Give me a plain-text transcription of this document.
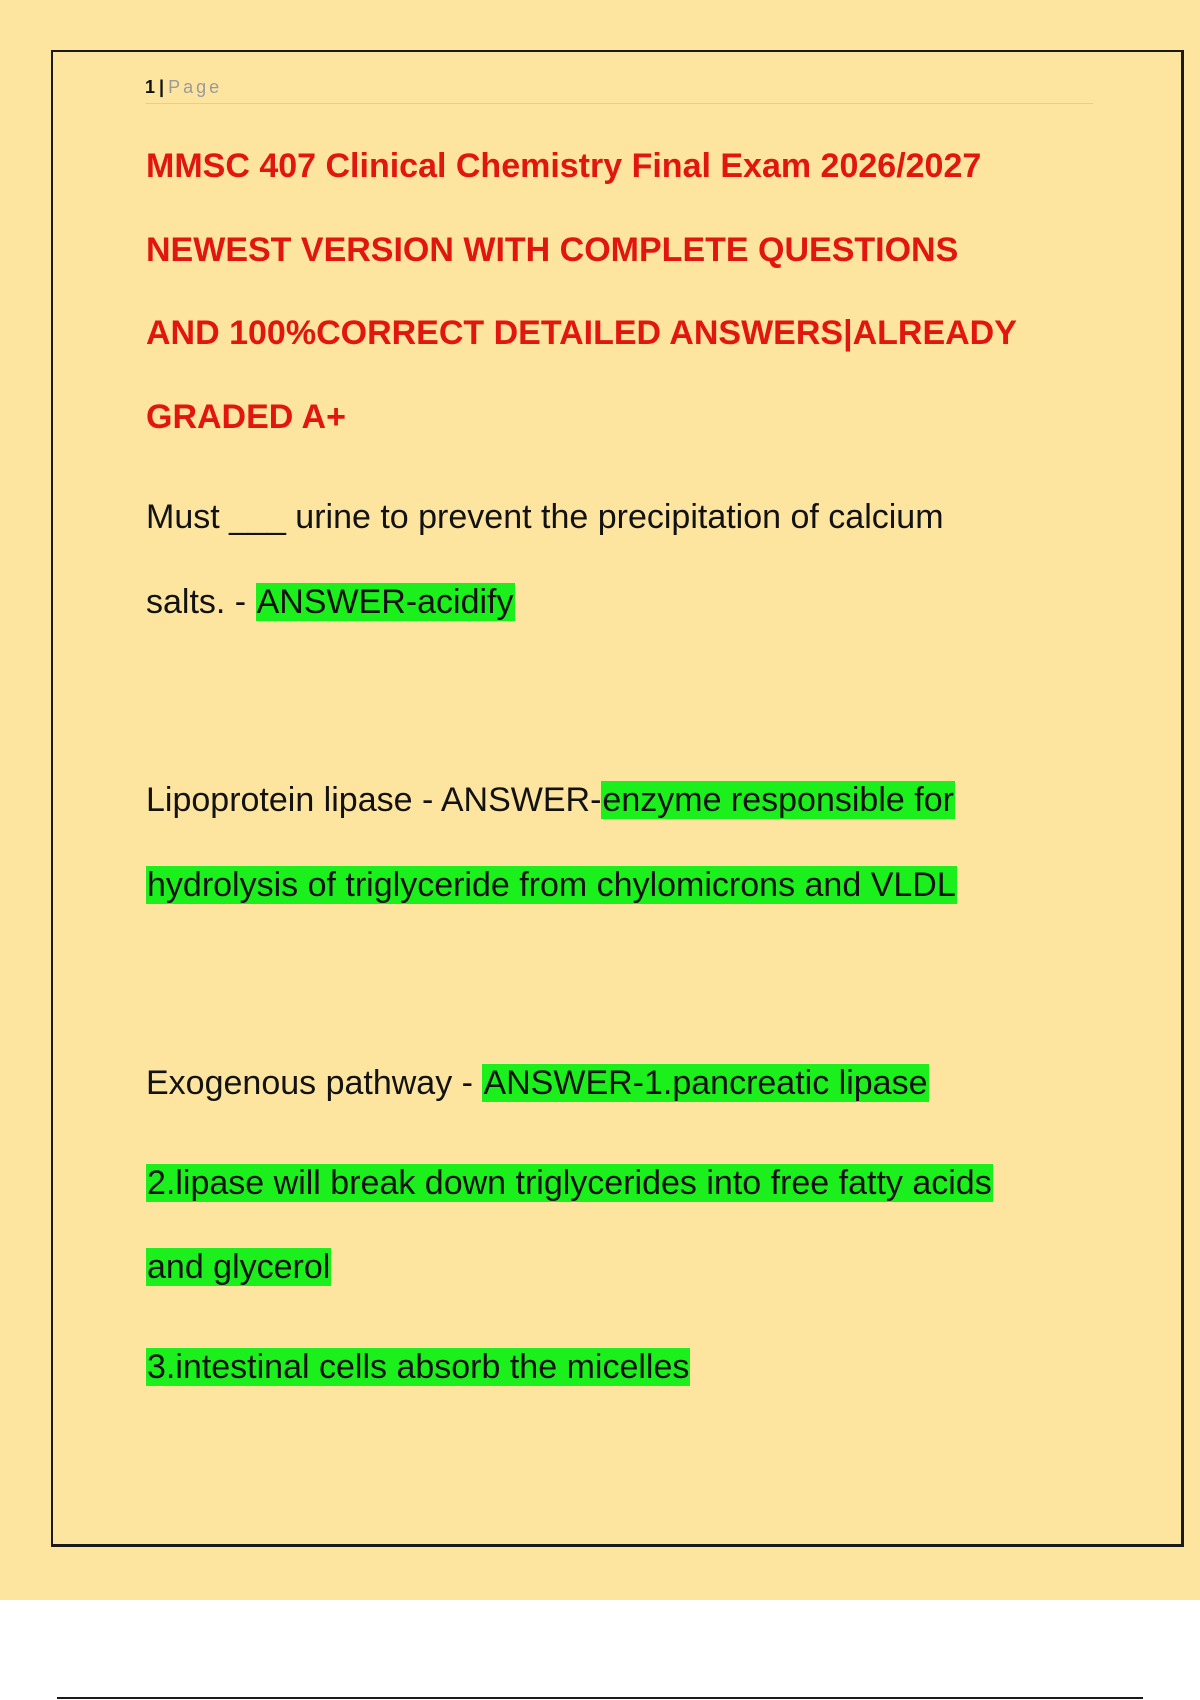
1 | Page
MMSC 407 Clinical Chemistry Final Exam 2026/2027
NEWEST VERSION WITH COMPLETE QUESTIONS
AND 100%CORRECT DETAILED ANSWERS|ALREADY
GRADED A+
Must ___ urine to prevent the precipitation of calcium
salts. - ANSWER-acidify
Lipoprotein lipase - ANSWER-enzyme responsible for
hydrolysis of triglyceride from chylomicrons and VLDL
Exogenous pathway - ANSWER-1.pancreatic lipase
2.lipase will break down triglycerides into free fatty acids
and glycerol
3.intestinal cells absorb the micelles
